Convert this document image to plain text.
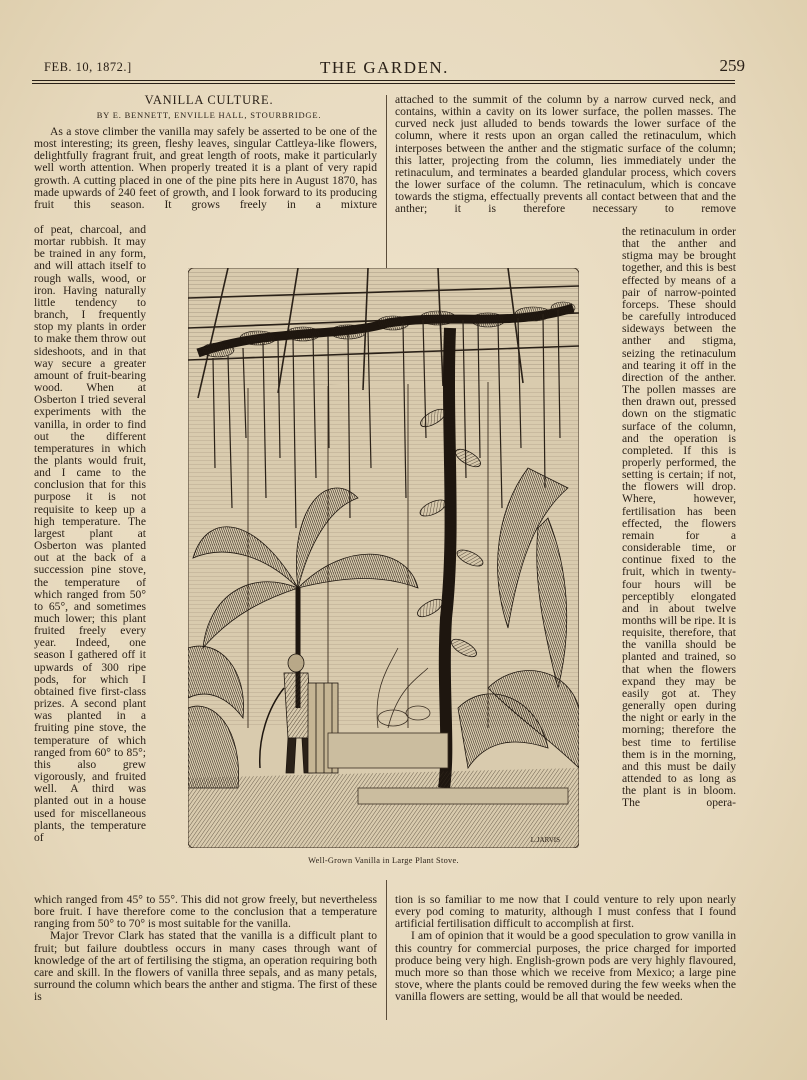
FEB. 10, 1872.]	THE GARDEN.	259
VANILLA CULTURE.
BY E. BENNETT, ENVILLE HALL, STOURBRIDGE.
As a stove climber the vanilla may safely be asserted to be one of the most interesting; its green, fleshy leaves, singular Cattleya-like flowers, delightfully fragrant fruit, and great length of roots, make it particularly well worth attention. When properly treated it is a plant of very rapid growth. A cutting placed in one of the pine pits here in August 1870, has made upwards of 240 feet of growth, and I look forward to its producing fruit this season. It grows freely in a mixture
of peat, charcoal, and mortar rubbish. It may be trained in any form, and will attach itself to rough walls, wood, or iron. Having naturally little tendency to branch, I frequently stop my plants in order to make them throw out sideshoots, and in that way secure a greater amount of fruit-bearing wood. When at Osberton I tried several experiments with the vanilla, in order to find out the different temperatures in which the plants would fruit, and I came to the conclusion that for this purpose it is not requisite to keep up a high temperature. The largest plant at Osberton was planted out at the back of a succession pine stove, the temperature of which ranged from 50° to 65°, and sometimes much lower; this plant fruited freely every year. Indeed, one season I gathered off it upwards of 300 ripe pods, for which I obtained five first-class prizes. A second plant was planted in a fruiting pine stove, the temperature of which ranged from 60° to 85°; this also grew vigorously, and fruited well. A third was planted out in a house used for miscellaneous plants, the temperature of

which ranged from 45° to 55°. This did not grow freely, but nevertheless bore fruit. I have therefore come to the conclusion that a temperature ranging from 50° to 70° is most suitable for the vanilla.

Major Trevor Clark has stated that the vanilla is a difficult plant to fruit; but failure doubtless occurs in many cases through want of knowledge of the art of fertilising the stigma, an operation requiring both care and skill. In the flowers of vanilla three sepals, and as many petals, surround the column which bears the anther and stigma. The first of these is

attached to the summit of the column by a narrow curved neck, and contains, within a cavity on its lower surface, the pollen masses. The curved neck just alluded to bends towards the lower surface of the column, where it rests upon an organ called the retinaculum, which interposes between the anther and the stigmatic surface of the column; this latter, projecting from the column, lies immediately under the retinaculum, and terminates a bearded glandular process, which covers the lower surface of the column. The retinaculum, which is concave towards the stigma, effectually prevents all contact between that and the anther; it is therefore necessary to remove
the retinaculum in order that the anther and stigma may be brought together, and this is best effected by means of a pair of narrow-pointed forceps. These should be carefully introduced sideways between the anther and stigma, seizing the retinaculum and tearing it off in the direction of the anther. The pollen masses are then drawn out, pressed down on the stigmatic surface of the column, and the operation is completed. If this is properly performed, the setting is certain; if not, the flowers will drop. Where, however, fertilisation has been effected, the flowers remain for a considerable time, or continue fixed to the fruit, which in twenty-four hours will be perceptibly elongated and in about twelve months will be ripe. It is requisite, therefore, that the vanilla should be planted and trained, so that when the flowers expand they may be easily got at. They generally open during the night or early in the morning; therefore the best time to fertilise them is in the morning, and this must be daily attended to as long as the plant is in bloom. The opera-

tion is so familiar to me now that I could venture to rely upon nearly every pod coming to maturity, although I must confess that I found artificial fertilisation difficult to accomplish at first.

I am of opinion that it would be a good speculation to grow vanilla in this country for commercial purposes, the price charged for imported produce being very high. English-grown pods are very highly flavoured, much more so than those which we receive from Mexico; a large pine stove, where the plants could be removed during the few weeks when the vanilla flowers are setting, would be all that would be needed.

L.JARVIS
Well-Grown Vanilla in Large Plant Stove.
